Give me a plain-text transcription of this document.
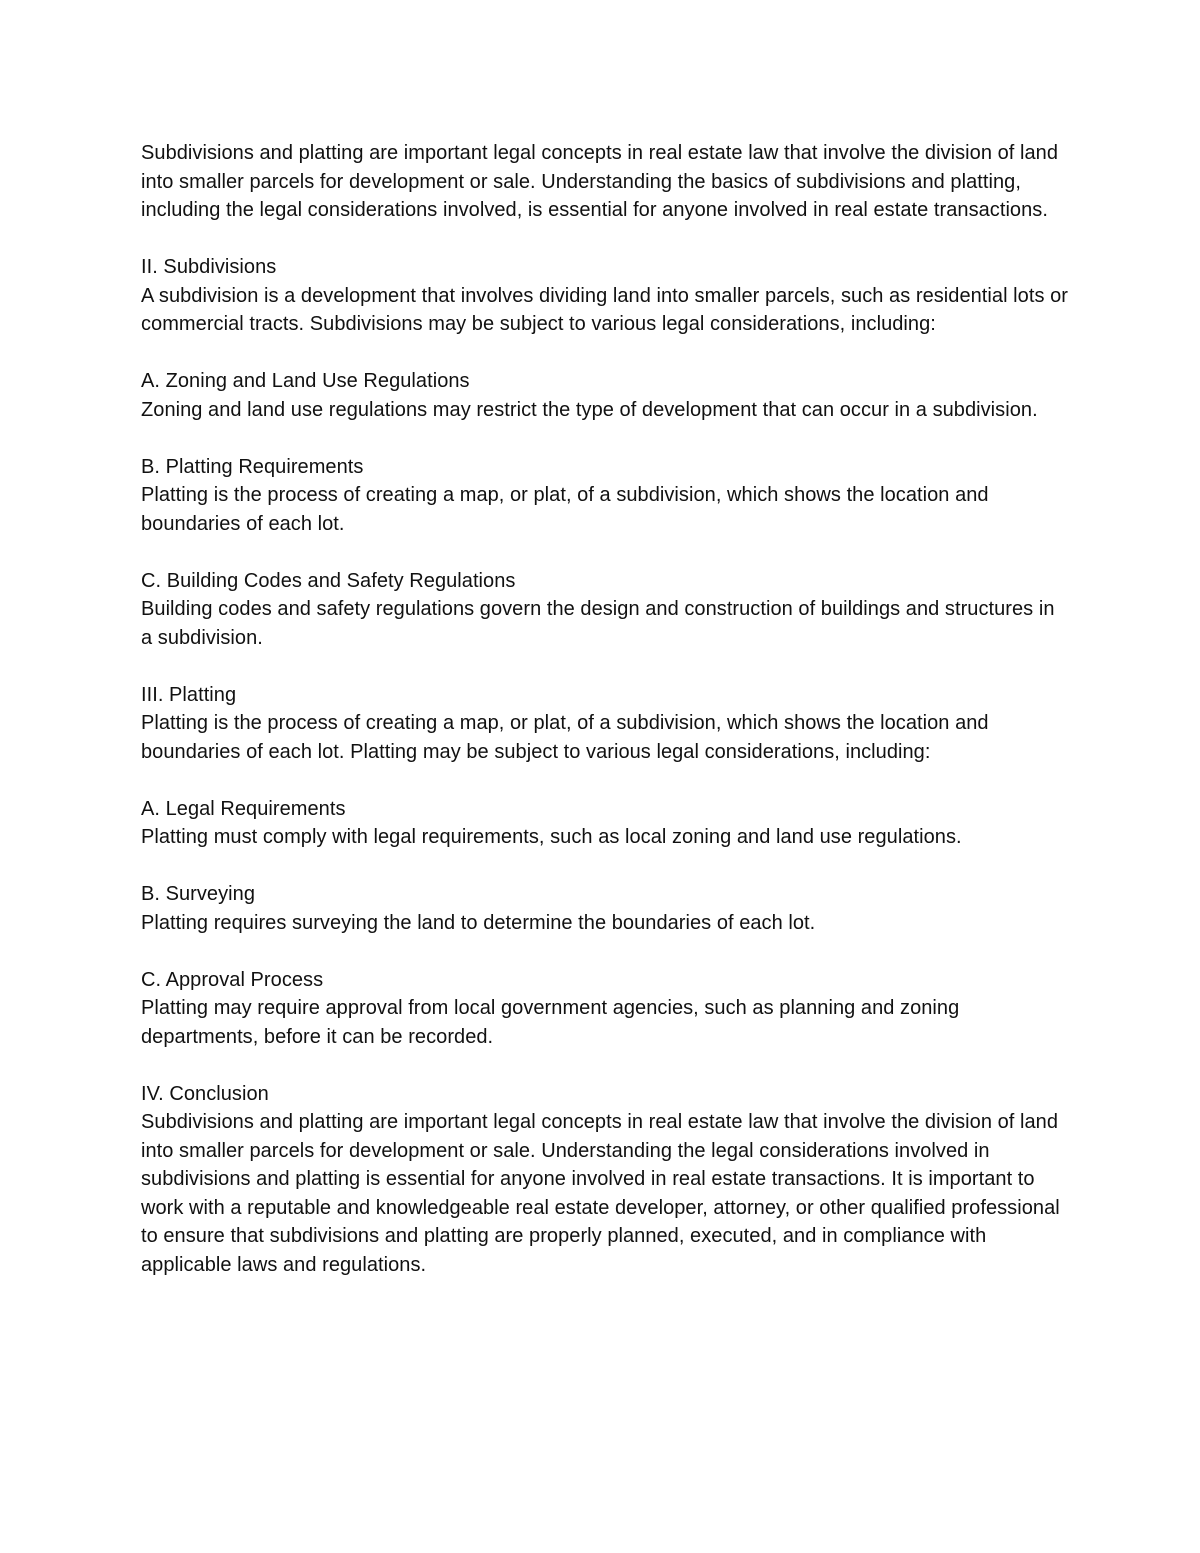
Subdivisions and platting are important legal concepts in real estate law that involve the division of land into smaller parcels for development or sale. Understanding the basics of subdivisions and platting, including the legal considerations involved, is essential for anyone involved in real estate transactions.

II. Subdivisions

A subdivision is a development that involves dividing land into smaller parcels, such as residential lots or commercial tracts. Subdivisions may be subject to various legal considerations, including:

A. Zoning and Land Use Regulations

Zoning and land use regulations may restrict the type of development that can occur in a subdivision.

B. Platting Requirements

Platting is the process of creating a map, or plat, of a subdivision, which shows the location and boundaries of each lot.

C. Building Codes and Safety Regulations

Building codes and safety regulations govern the design and construction of buildings and structures in a subdivision.

III. Platting

Platting is the process of creating a map, or plat, of a subdivision, which shows the location and boundaries of each lot. Platting may be subject to various legal considerations, including:

A. Legal Requirements

Platting must comply with legal requirements, such as local zoning and land use regulations.

B. Surveying

Platting requires surveying the land to determine the boundaries of each lot.

C. Approval Process

Platting may require approval from local government agencies, such as planning and zoning departments, before it can be recorded.

IV. Conclusion

Subdivisions and platting are important legal concepts in real estate law that involve the division of land into smaller parcels for development or sale. Understanding the legal considerations involved in subdivisions and platting is essential for anyone involved in real estate transactions. It is important to work with a reputable and knowledgeable real estate developer, attorney, or other qualified professional to ensure that subdivisions and platting are properly planned, executed, and in compliance with applicable laws and regulations.
